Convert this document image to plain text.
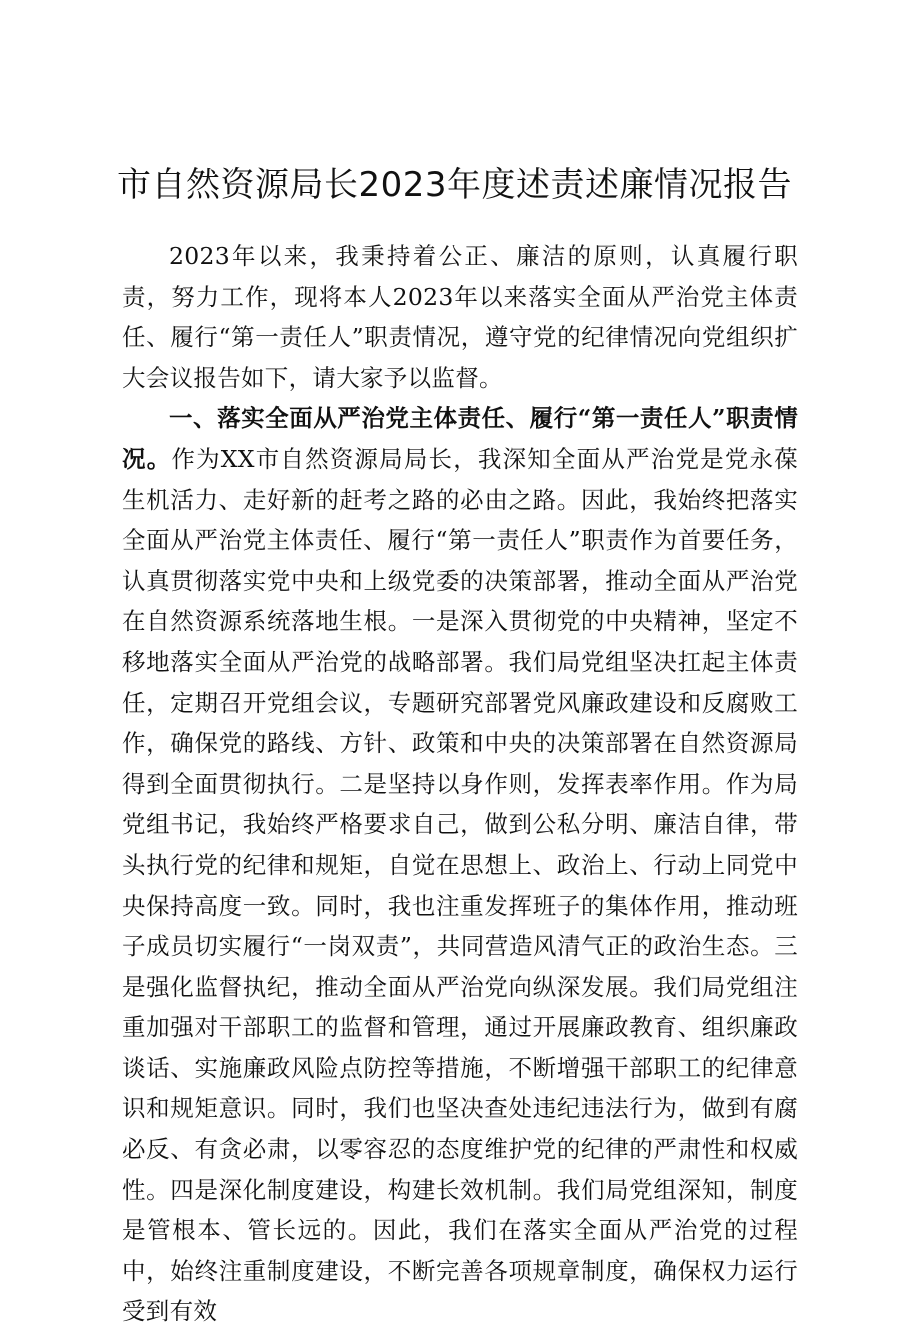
市自然资源局长2023年度述责述廉情况报告

2023年以来，我秉持着公正、廉洁的原则，认真履行职责，努力工作，现将本人2023年以来落实全面从严治党主体责任、履行“第一责任人”职责情况，遵守党的纪律情况向党组织扩大会议报告如下，请大家予以监督。

一、落实全面从严治党主体责任、履行“第一责任人”职责情况。作为XX市自然资源局局长，我深知全面从严治党是党永葆生机活力、走好新的赶考之路的必由之路。因此，我始终把落实全面从严治党主体责任、履行“第一责任人”职责作为首要任务，认真贯彻落实党中央和上级党委的决策部署，推动全面从严治党在自然资源系统落地生根。一是深入贯彻党的中央精神，坚定不移地落实全面从严治党的战略部署。我们局党组坚决扛起主体责任，定期召开党组会议，专题研究部署党风廉政建设和反腐败工作，确保党的路线、方针、政策和中央的决策部署在自然资源局得到全面贯彻执行。二是坚持以身作则，发挥表率作用。作为局党组书记，我始终严格要求自己，做到公私分明、廉洁自律，带头执行党的纪律和规矩，自觉在思想上、政治上、行动上同党中央保持高度一致。同时，我也注重发挥班子的集体作用，推动班子成员切实履行“一岗双责”，共同营造风清气正的政治生态。三是强化监督执纪，推动全面从严治党向纵深发展。我们局党组注重加强对干部职工的监督和管理，通过开展廉政教育、组织廉政谈话、实施廉政风险点防控等措施，不断增强干部职工的纪律意识和规矩意识。同时，我们也坚决查处违纪违法行为，做到有腐必反、有贪必肃，以零容忍的态度维护党的纪律的严肃性和权威性。四是深化制度建设，构建长效机制。我们局党组深知，制度是管根本、管长远的。因此，我们在落实全面从严治党的过程中，始终注重制度建设，不断完善各项规章制度，确保权力运行受到有效
